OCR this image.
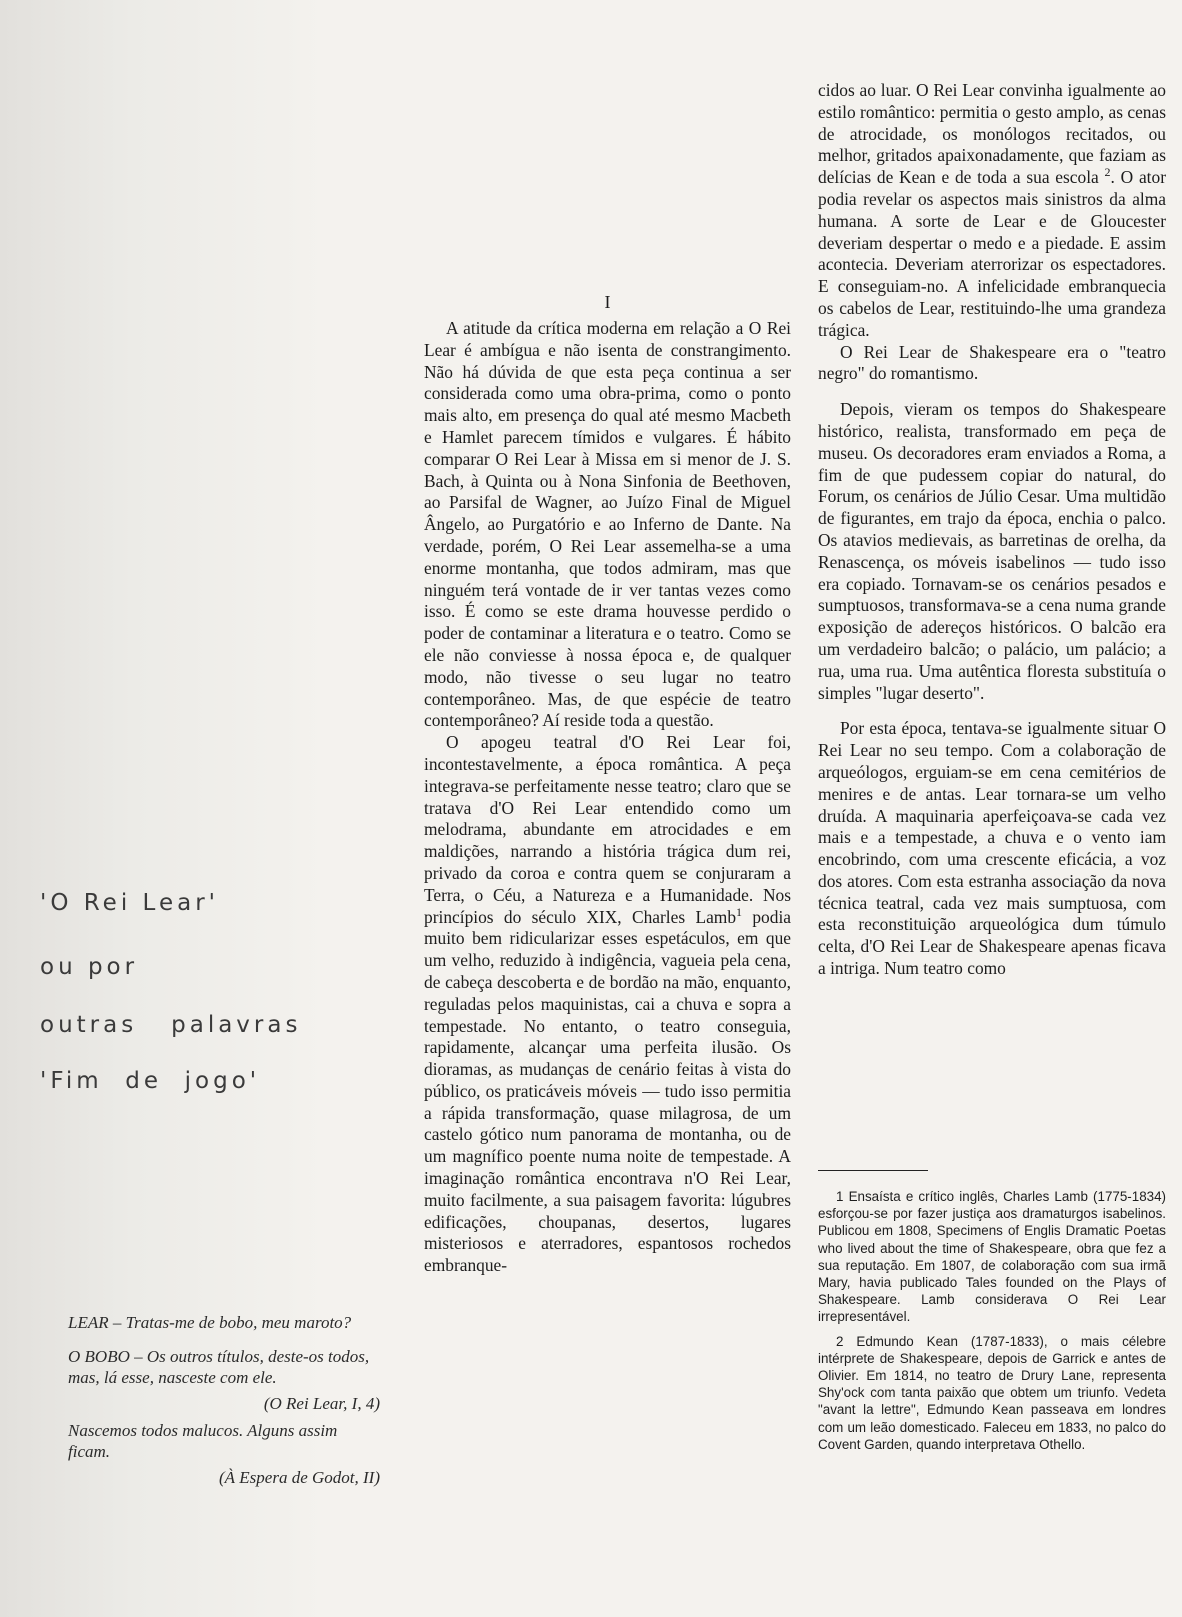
'O Rei Lear'
ou por
outras   palavras
'Fim  de  jogo'

LEAR – Tratas-me de bobo, meu maroto?

O BOBO – Os outros títulos, deste-os todos, mas, lá esse, nasceste com ele.

(O Rei Lear, I, 4)

Nascemos todos malucos. Alguns assim ficam.

(À Espera de Godot, II)

I

A atitude da crítica moderna em relação a O Rei Lear é ambígua e não isenta de constrangimento. Não há dúvida de que esta peça continua a ser considerada como uma obra-prima, como o ponto mais alto, em presença do qual até mesmo Macbeth e Hamlet parecem tímidos e vulgares. É hábito comparar O Rei Lear à Missa em si menor de J. S. Bach, à Quinta ou à Nona Sinfonia de Beethoven, ao Parsifal de Wagner, ao Juízo Final de Miguel Ângelo, ao Purgatório e ao Inferno de Dante. Na verdade, porém, O Rei Lear assemelha-se a uma enorme montanha, que todos admiram, mas que ninguém terá vontade de ir ver tantas vezes como isso. É como se este drama houvesse perdido o poder de contaminar a literatura e o teatro. Como se ele não conviesse à nossa época e, de qualquer modo, não tivesse o seu lugar no teatro contemporâneo. Mas, de que espécie de teatro contemporâneo? Aí reside toda a questão.

O apogeu teatral d'O Rei Lear foi, incontestavelmente, a época romântica. A peça integrava-se perfeitamente nesse teatro; claro que se tratava d'O Rei Lear entendido como um melodrama, abundante em atrocidades e em maldições, narrando a história trágica dum rei, privado da coroa e contra quem se conjuraram a Terra, o Céu, a Natureza e a Humanidade. Nos princípios do século XIX, Charles Lamb$^1$ podia muito bem ridicularizar esses espetáculos, em que um velho, reduzido à indigência, vagueia pela cena, de cabeça descoberta e de bordão na mão, enquanto, reguladas pelos maquinistas, cai a chuva e sopra a tempestade. No entanto, o teatro conseguia, rapidamente, alcançar uma perfeita ilusão. Os dioramas, as mudanças de cenário feitas à vista do público, os praticáveis móveis — tudo isso permitia a rápida transformação, quase milagrosa, de um castelo gótico num panorama de montanha, ou de um magnífico poente numa noite de tempestade. A imaginação romântica encontrava n'O Rei Lear, muito facilmente, a sua paisagem favorita: lúgubres edificações, choupanas, desertos, lugares misteriosos e aterradores, espantosos rochedos embranque-

cidos ao luar. O Rei Lear convinha igualmente ao estilo romântico: permitia o gesto amplo, as cenas de atrocidade, os monólogos recitados, ou melhor, gritados apaixonadamente, que faziam as delícias de Kean e de toda a sua escola $^2$. O ator podia revelar os aspectos mais sinistros da alma humana. A sorte de Lear e de Gloucester deveriam despertar o medo e a piedade. E assim acontecia. Deveriam aterrorizar os espectadores. E conseguiam-no. A infelicidade embranquecia os cabelos de Lear, restituindo-lhe uma grandeza trágica.

O Rei Lear de Shakespeare era o "teatro negro" do romantismo.

Depois, vieram os tempos do Shakespeare histórico, realista, transformado em peça de museu. Os decoradores eram enviados a Roma, a fim de que pudessem copiar do natural, do Forum, os cenários de Júlio Cesar. Uma multidão de figurantes, em trajo da época, enchia o palco. Os atavios medievais, as barretinas de orelha, da Renascença, os móveis isabelinos — tudo isso era copiado. Tornavam-se os cenários pesados e sumptuosos, transformava-se a cena numa grande exposição de adereços históricos. O balcão era um verdadeiro balcão; o palácio, um palácio; a rua, uma rua. Uma autêntica floresta substituía o simples "lugar deserto".

Por esta época, tentava-se igualmente situar O Rei Lear no seu tempo. Com a colaboração de arqueólogos, erguiam-se em cena cemitérios de menires e de antas. Lear tornara-se um velho druída. A maquinaria aperfeiçoava-se cada vez mais e a tempestade, a chuva e o vento iam encobrindo, com uma crescente eficácia, a voz dos atores. Com esta estranha associação da nova técnica teatral, cada vez mais sumptuosa, com esta reconstituição arqueológica dum túmulo celta, d'O Rei Lear de Shakespeare apenas ficava a intriga. Num teatro como

1 Ensaísta e crítico inglês, Charles Lamb (1775-1834) esforçou-se por fazer justiça aos dramaturgos isabelinos. Publicou em 1808, Specimens of Englis Dramatic Poetas who lived about the time of Shakespeare, obra que fez a sua reputação. Em 1807, de colaboração com sua irmã Mary, havia publicado Tales founded on the Plays of Shakespeare. Lamb considerava O Rei Lear irrepresentável.

2 Edmundo Kean (1787-1833), o mais célebre intérprete de Shakespeare, depois de Garrick e antes de Olivier. Em 1814, no teatro de Drury Lane, representa Shy'ock com tanta paixão que obtem um triunfo. Vedeta "avant la lettre", Edmundo Kean passeava em londres com um leão domesticado. Faleceu em 1833, no palco do Covent Garden, quando interpretava Othello.
